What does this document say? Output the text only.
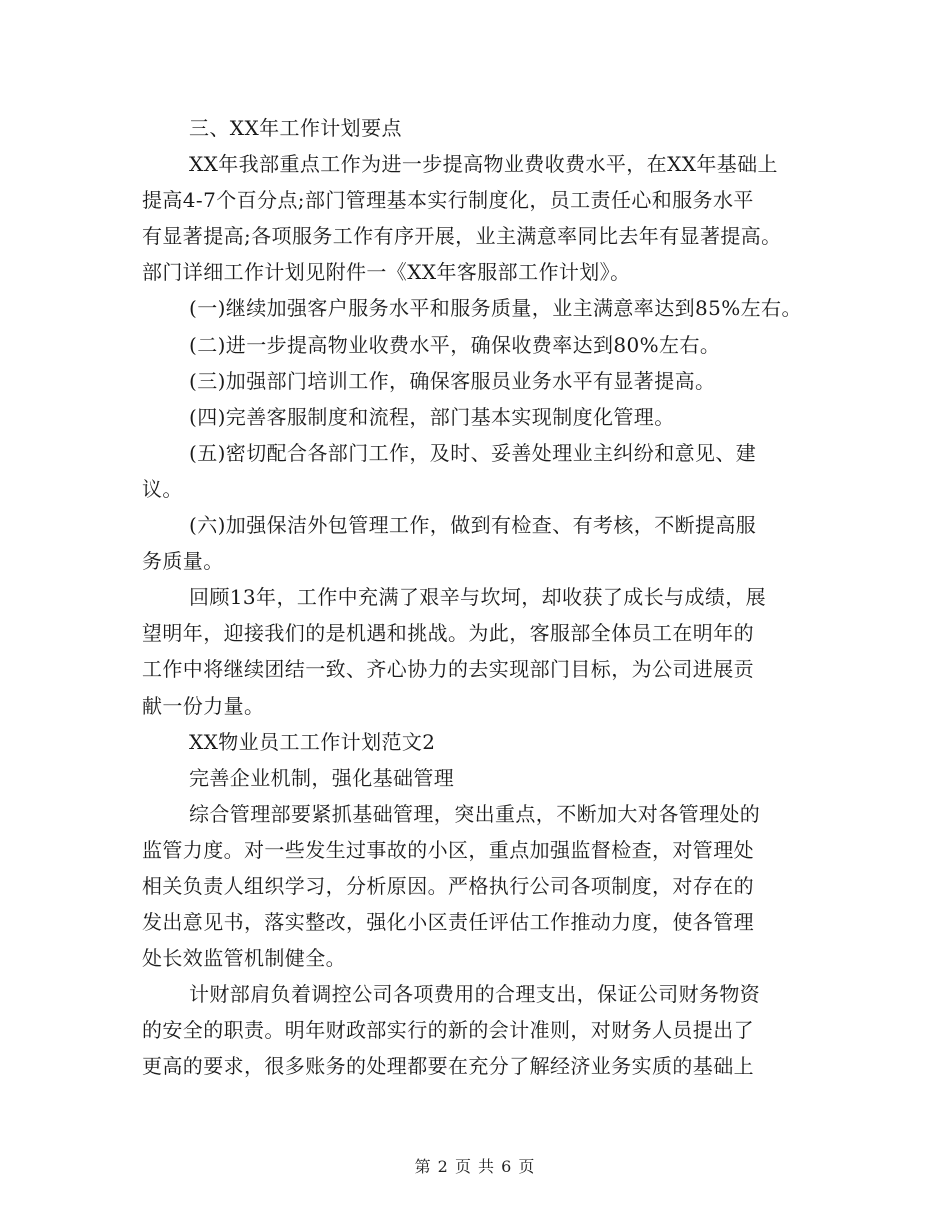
三、XX年工作计划要点
XX年我部重点工作为进一步提高物业费收费水平，在XX年基础上
提高4-7个百分点;部门管理基本实行制度化，员工责任心和服务水平
有显著提高;各项服务工作有序开展，业主满意率同比去年有显著提高。
部门详细工作计划见附件一《XX年客服部工作计划》。
(一)继续加强客户服务水平和服务质量，业主满意率达到85%左右。
(二)进一步提高物业收费水平，确保收费率达到80%左右。
(三)加强部门培训工作，确保客服员业务水平有显著提高。
(四)完善客服制度和流程，部门基本实现制度化管理。
(五)密切配合各部门工作，及时、妥善处理业主纠纷和意见、建
议。
(六)加强保洁外包管理工作，做到有检查、有考核，不断提高服
务质量。
回顾13年，工作中充满了艰辛与坎坷，却收获了成长与成绩，展
望明年，迎接我们的是机遇和挑战。为此，客服部全体员工在明年的
工作中将继续团结一致、齐心协力的去实现部门目标，为公司进展贡
献一份力量。
XX物业员工工作计划范文2
完善企业机制，强化基础管理
综合管理部要紧抓基础管理，突出重点，不断加大对各管理处的
监管力度。对一些发生过事故的小区，重点加强监督检查，对管理处
相关负责人组织学习，分析原因。严格执行公司各项制度，对存在的
发出意见书，落实整改，强化小区责任评估工作推动力度，使各管理
处长效监管机制健全。
计财部肩负着调控公司各项费用的合理支出，保证公司财务物资
的安全的职责。明年财政部实行的新的会计准则，对财务人员提出了
更高的要求，很多账务的处理都要在充分了解经济业务实质的基础上
第 2 页 共 6 页
